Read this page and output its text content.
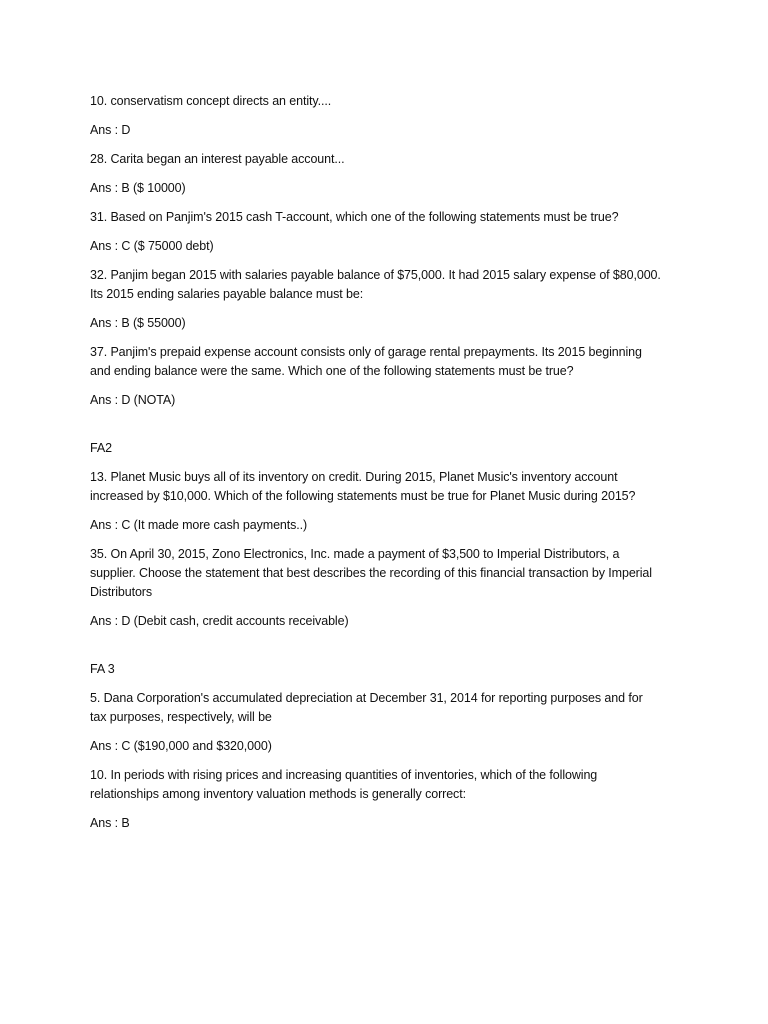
10. conservatism concept directs an entity....

Ans : D

28. Carita began an interest payable account...

Ans : B ($ 10000)

31. Based on Panjim's 2015 cash T-account, which one of the following statements must be true?

Ans : C ($ 75000 debt)

32. Panjim began 2015 with salaries payable balance of $75,000. It had 2015 salary expense of $80,000.
Its 2015 ending salaries payable balance must be:

Ans : B ($ 55000)

37. Panjim's prepaid expense account consists only of garage rental prepayments. Its 2015 beginning
and ending balance were the same. Which one of the following statements must be true?

Ans : D (NOTA)

FA2

13. Planet Music buys all of its inventory on credit. During 2015, Planet Music's inventory account
increased by $10,000. Which of the following statements must be true for Planet Music during 2015?

Ans : C (It made more cash payments..)

35. On April 30, 2015, Zono Electronics, Inc. made a payment of $3,500 to Imperial Distributors, a
supplier. Choose the statement that best describes the recording of this financial transaction by Imperial
Distributors

Ans : D (Debit cash, credit accounts receivable)

FA 3

5. Dana Corporation's accumulated depreciation at December 31, 2014 for reporting purposes and for
tax purposes, respectively, will be

Ans : C ($190,000 and $320,000)

10. In periods with rising prices and increasing quantities of inventories, which of the following
relationships among inventory valuation methods is generally correct:

Ans : B
